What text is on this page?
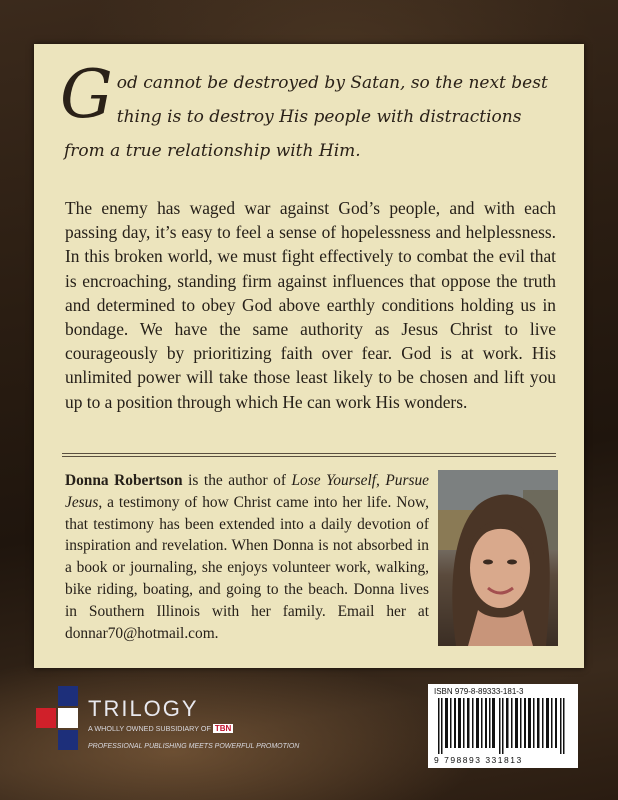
God cannot be destroyed by Satan, so the next best thing is to destroy His people with distractions from a true relationship with Him.
The enemy has waged war against God’s people, and with each passing day, it’s easy to feel a sense of hopelessness and helplessness. In this broken world, we must fight effectively to combat the evil that is encroaching, standing firm against influences that oppose the truth and determined to obey God above earthly conditions holding us in bondage. We have the same authority as Jesus Christ to live courageously by prioritizing faith over fear. God is at work. His unlimited power will take those least likely to be chosen and lift you up to a position through which He can work His wonders.
Donna Robertson is the author of Lose Yourself, Pursue Jesus, a testimony of how Christ came into her life. Now, that testimony has been extended into a daily devotion of inspiration and revelation. When Donna is not absorbed in a book or journaling, she enjoys volunteer work, walking, bike riding, boating, and going to the beach. Donna lives in Southern Illinois with her family. Email her at donnar70@hotmail.com.
TRILOGY
A WHOLLY OWNED SUBSIDIARY OF TBN
PROFESSIONAL PUBLISHING MEETS POWERFUL PROMOTION
ISBN 979-8-89333-181-3
9 798893 331813
